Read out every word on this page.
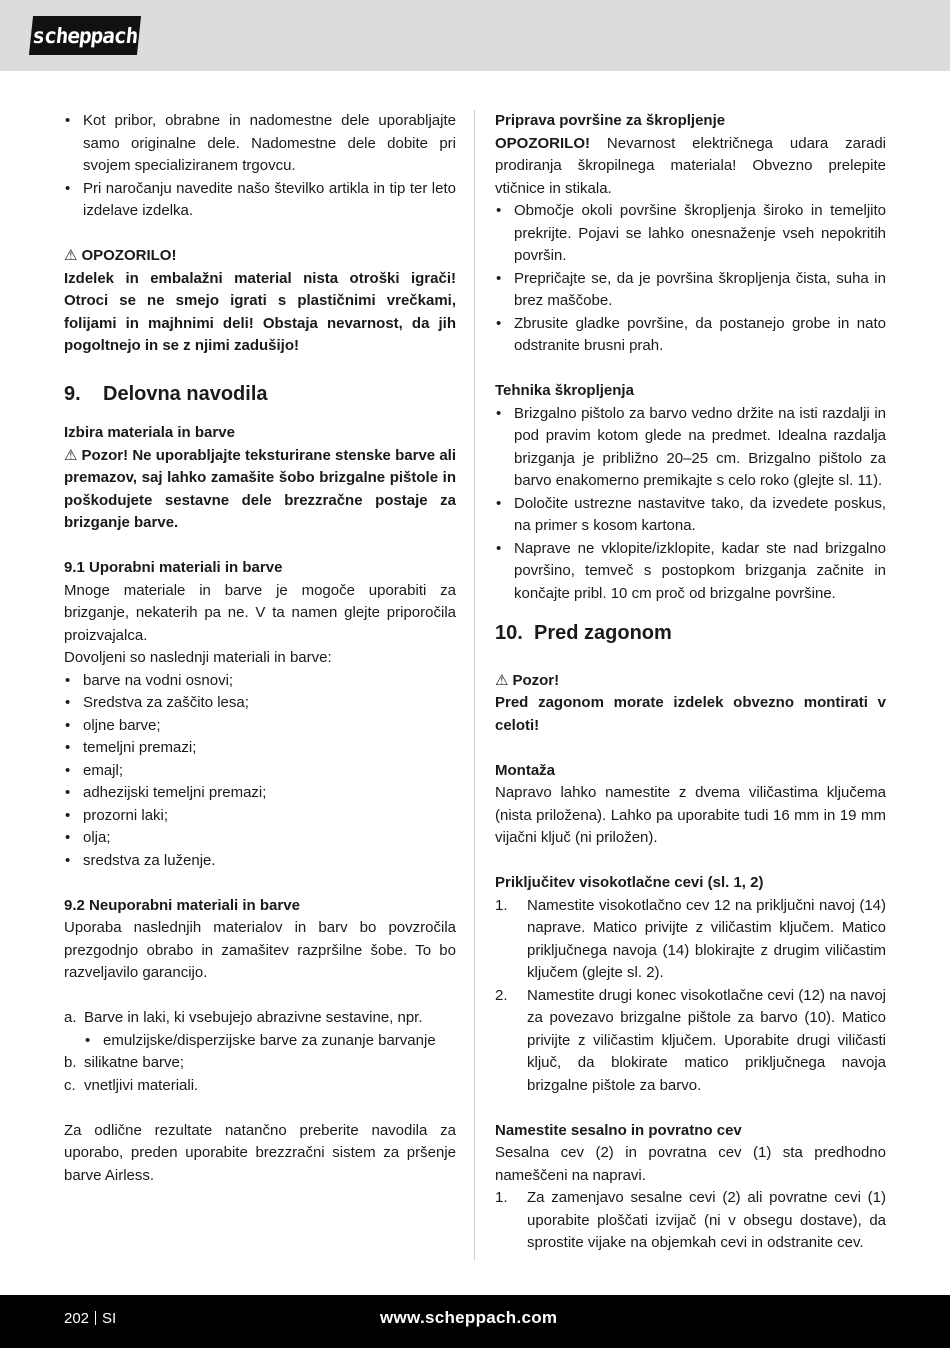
scheppach
• Kot pribor, obrabne in nadomestne dele uporabljajte samo originalne dele. Nadomestne dele dobite pri svojem specializiranem trgovcu.
• Pri naročanju navedite našo številko artikla in tip ter leto izdelave izdelka.

⚠ OPOZORILO!

Izdelek in embalažni material nista otroški igrači! Otroci se ne smejo igrati s plastičnimi vrečkami, folijami in majhnimi deli! Obstaja nevarnost, da jih pogoltnejo in se z njimi zadušijo!

9. Delovna navodila

Izbira materiala in barve

⚠ Pozor! Ne uporabljajte teksturirane stenske barve ali premazov, saj lahko zamašite šobo brizgalne pištole in poškodujete sestavne dele brezzračne postaje za brizganje barve.

9.1 Uporabni materiali in barve

Mnoge materiale in barve je mogoče uporabiti za brizganje, nekaterih pa ne. V ta namen glejte priporočila proizvajalca.

Dovoljeni so naslednji materiali in barve:

• barve na vodni osnovi;
• Sredstva za zaščito lesa;
• oljne barve;
• temeljni premazi;
• emajl;
• adhezijski temeljni premazi;
• prozorni laki;
• olja;
• sredstva za luženje.

9.2 Neuporabni materiali in barve

Uporaba naslednjih materialov in barv bo povzročila prezgodnjo obrabo in zamašitev razpršilne šobe. To bo razveljavilo garancijo.

a. Barve in laki, ki vsebujejo abrazivne sestavine, npr.
• emulzijske/disperzijske barve za zunanje barvanje
b. silikatne barve;
c. vnetljivi materiali.

Za odlične rezultate natančno preberite navodila za uporabo, preden uporabite brezzračni sistem za pršenje barve Airless.

Priprava površine za škropljenje

OPOZORILO! Nevarnost električnega udara zaradi prodiranja škropilnega materiala! Obvezno prelepite vtičnice in stikala.

• Območje okoli površine škropljenja široko in temeljito prekrijte. Pojavi se lahko onesnaženje vseh nepokritih površin.
• Prepričajte se, da je površina škropljenja čista, suha in brez maščobe.
• Zbrusite gladke površine, da postanejo grobe in nato odstranite brusni prah.

Tehnika škropljenja

• Brizgalno pištolo za barvo vedno držite na isti razdalji in pod pravim kotom glede na predmet. Idealna razdalja brizganja je približno 20–25 cm. Brizgalno pištolo za barvo enakomerno premikajte s celo roko (glejte sl. 11).
• Določite ustrezne nastavitve tako, da izvedete poskus, na primer s kosom kartona.
• Naprave ne vklopite/izklopite, kadar ste nad brizgalno površino, temveč s postopkom brizganja začnite in končajte pribl. 10 cm proč od brizgalne površine.
10. Pred zagonom

⚠ Pozor!

Pred zagonom morate izdelek obvezno montirati v celoti!

Montaža

Napravo lahko namestite z dvema viličastima ključema (nista priložena). Lahko pa uporabite tudi 16 mm in 19 mm vijačni ključ (ni priložen).

Priključitev visokotlačne cevi (sl. 1, 2)

1. Namestite visokotlačno cev 12 na priključni navoj (14) naprave. Matico privijte z viličastim ključem. Matico priključnega navoja (14) blokirajte z drugim viličastim ključem (glejte sl. 2).
2. Namestite drugi konec visokotlačne cevi (12) na navoj za povezavo brizgalne pištole za barvo (10). Matico privijte z viličastim ključem. Uporabite drugi viličasti ključ, da blokirate matico priključnega navoja brizgalne pištole za barvo.

Namestite sesalno in povratno cev

Sesalna cev (2) in povratna cev (1) sta predhodno nameščeni na napravi.

1. Za zamenjavo sesalne cevi (2) ali povratne cevi (1) uporabite ploščati izvijač (ni v obsegu dostave), da sprostite vijake na objemkah cevi in odstranite cev.
202 SI	www.scheppach.com
